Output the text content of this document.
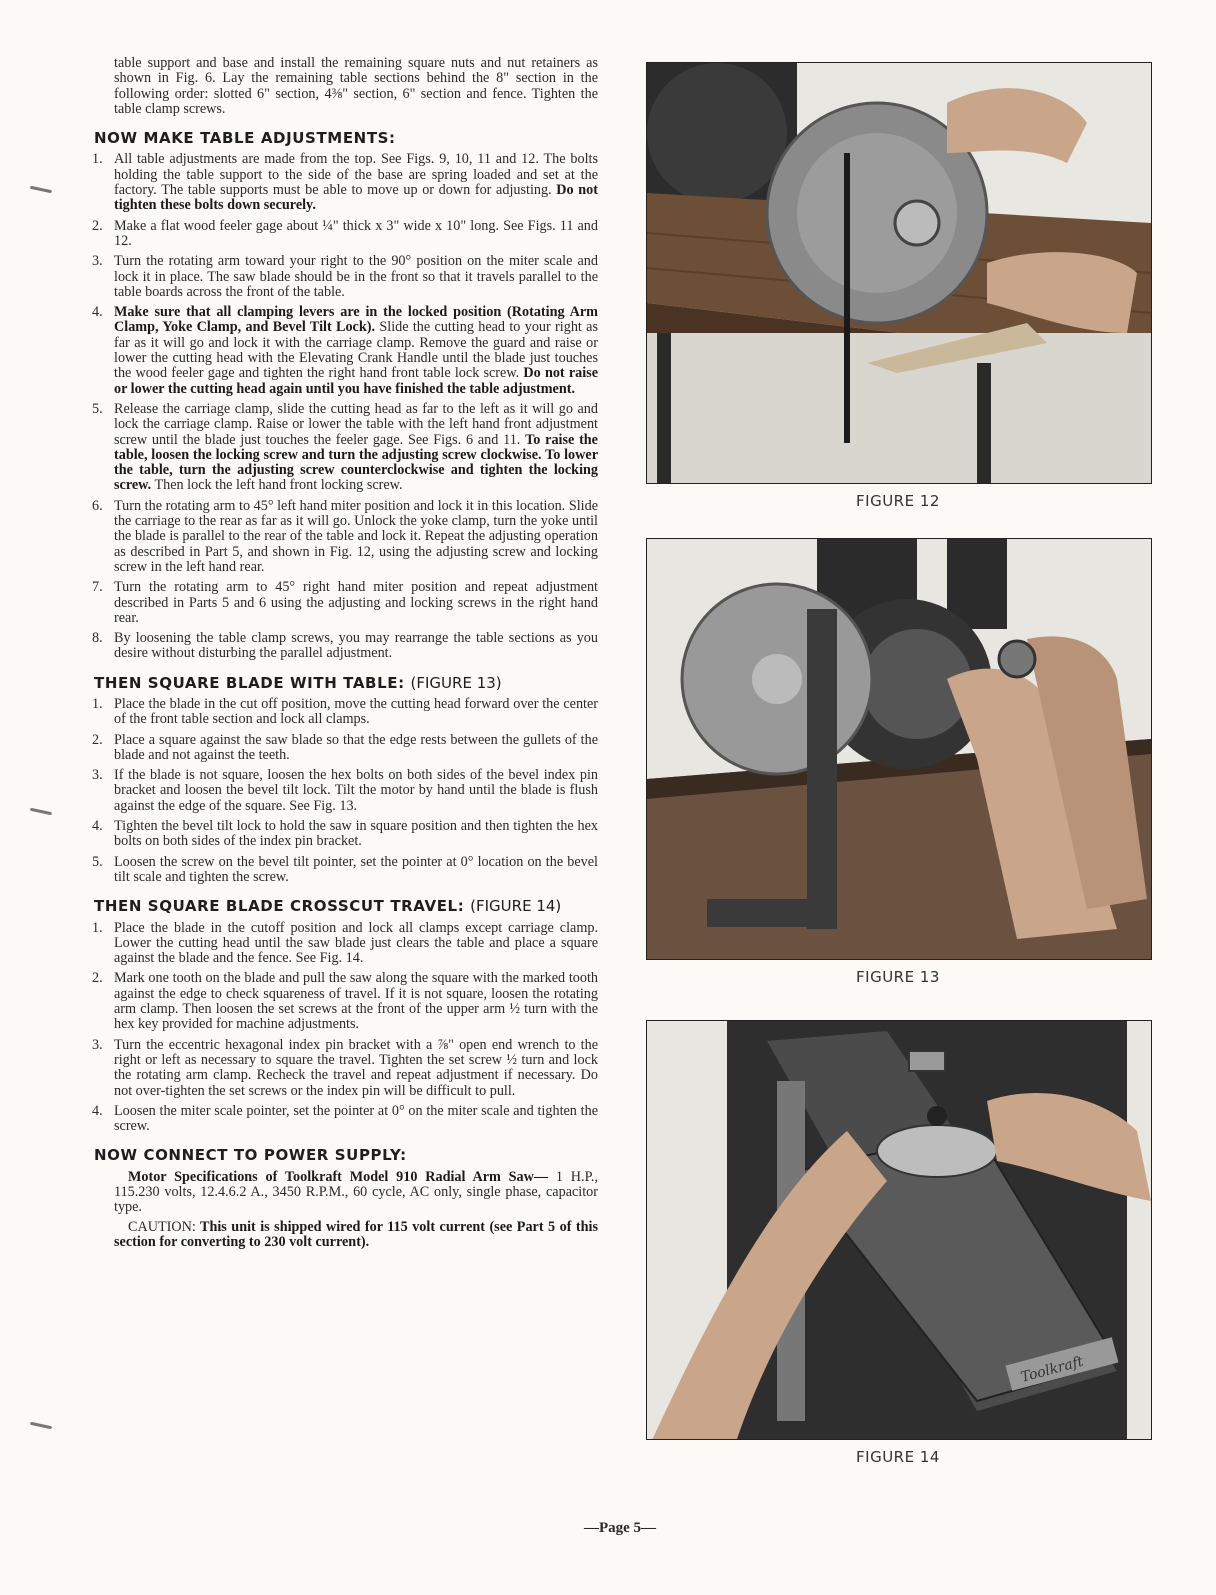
table support and base and install the remaining square nuts and nut retainers as shown in Fig. 6. Lay the remaining table sections behind the 8" section in the following order: slotted 6" section, 4⅜" section, 6" section and fence. Tighten the table clamp screws.

NOW MAKE TABLE ADJUSTMENTS:
1. All table adjustments are made from the top. See Figs. 9, 10, 11 and 12. The bolts holding the table support to the side of the base are spring loaded and set at the factory. The table supports must be able to move up or down for adjusting. Do not tighten these bolts down securely.
2. Make a flat wood feeler gage about ¼" thick x 3" wide x 10" long. See Figs. 11 and 12.
3. Turn the rotating arm toward your right to the 90° position on the miter scale and lock it in place. The saw blade should be in the front so that it travels parallel to the table boards across the front of the table.
4. Make sure that all clamping levers are in the locked position (Rotating Arm Clamp, Yoke Clamp, and Bevel Tilt Lock). Slide the cutting head to your right as far as it will go and lock it with the carriage clamp. Remove the guard and raise or lower the cutting head with the Elevating Crank Handle until the blade just touches the wood feeler gage and tighten the right hand front table lock screw. Do not raise or lower the cutting head again until you have finished the table adjustment.
5. Release the carriage clamp, slide the cutting head as far to the left as it will go and lock the carriage clamp. Raise or lower the table with the left hand front adjustment screw until the blade just touches the feeler gage. See Figs. 6 and 11. To raise the table, loosen the locking screw and turn the adjusting screw clockwise. To lower the table, turn the adjusting screw counterclockwise and tighten the locking screw. Then lock the left hand front locking screw.
6. Turn the rotating arm to 45° left hand miter position and lock it in this location. Slide the carriage to the rear as far as it will go. Unlock the yoke clamp, turn the yoke until the blade is parallel to the rear of the table and lock it. Repeat the adjusting operation as described in Part 5, and shown in Fig. 12, using the adjusting screw and locking screw in the left hand rear.
7. Turn the rotating arm to 45° right hand miter position and repeat adjustment described in Parts 5 and 6 using the adjusting and locking screws in the right hand rear.
8. By loosening the table clamp screws, you may rearrange the table sections as you desire without disturbing the parallel adjustment.
THEN SQUARE BLADE WITH TABLE: (FIGURE 13)
1. Place the blade in the cut off position, move the cutting head forward over the center of the front table section and lock all clamps.
2. Place a square against the saw blade so that the edge rests between the gullets of the blade and not against the teeth.
3. If the blade is not square, loosen the hex bolts on both sides of the bevel index pin bracket and loosen the bevel tilt lock. Tilt the motor by hand until the blade is flush against the edge of the square. See Fig. 13.
4. Tighten the bevel tilt lock to hold the saw in square position and then tighten the hex bolts on both sides of the index pin bracket.
5. Loosen the screw on the bevel tilt pointer, set the pointer at 0° location on the bevel tilt scale and tighten the screw.
THEN SQUARE BLADE CROSSCUT TRAVEL: (FIGURE 14)
1. Place the blade in the cutoff position and lock all clamps except carriage clamp. Lower the cutting head until the saw blade just clears the table and place a square against the blade and the fence. See Fig. 14.
2. Mark one tooth on the blade and pull the saw along the square with the marked tooth against the edge to check squareness of travel. If it is not square, loosen the rotating arm clamp. Then loosen the set screws at the front of the upper arm ½ turn with the hex key provided for machine adjustments.
3. Turn the eccentric hexagonal index pin bracket with a ⅞" open end wrench to the right or left as necessary to square the travel. Tighten the set screw ½ turn and lock the rotating arm clamp. Recheck the travel and repeat adjustment if necessary. Do not over-tighten the set screws or the index pin will be difficult to pull.
4. Loosen the miter scale pointer, set the pointer at 0° on the miter scale and tighten the screw.
NOW CONNECT TO POWER SUPPLY:

Motor Specifications of Toolkraft Model 910 Radial Arm Saw— 1 H.P., 115.230 volts, 12.4.6.2 A., 3450 R.P.M., 60 cycle, AC only, single phase, capacitor type.

CAUTION: This unit is shipped wired for 115 volt current (see Part 5 of this section for converting to 230 volt current).

FIGURE 12
FIGURE 13
Toolkraft
FIGURE 14
—Page 5—
